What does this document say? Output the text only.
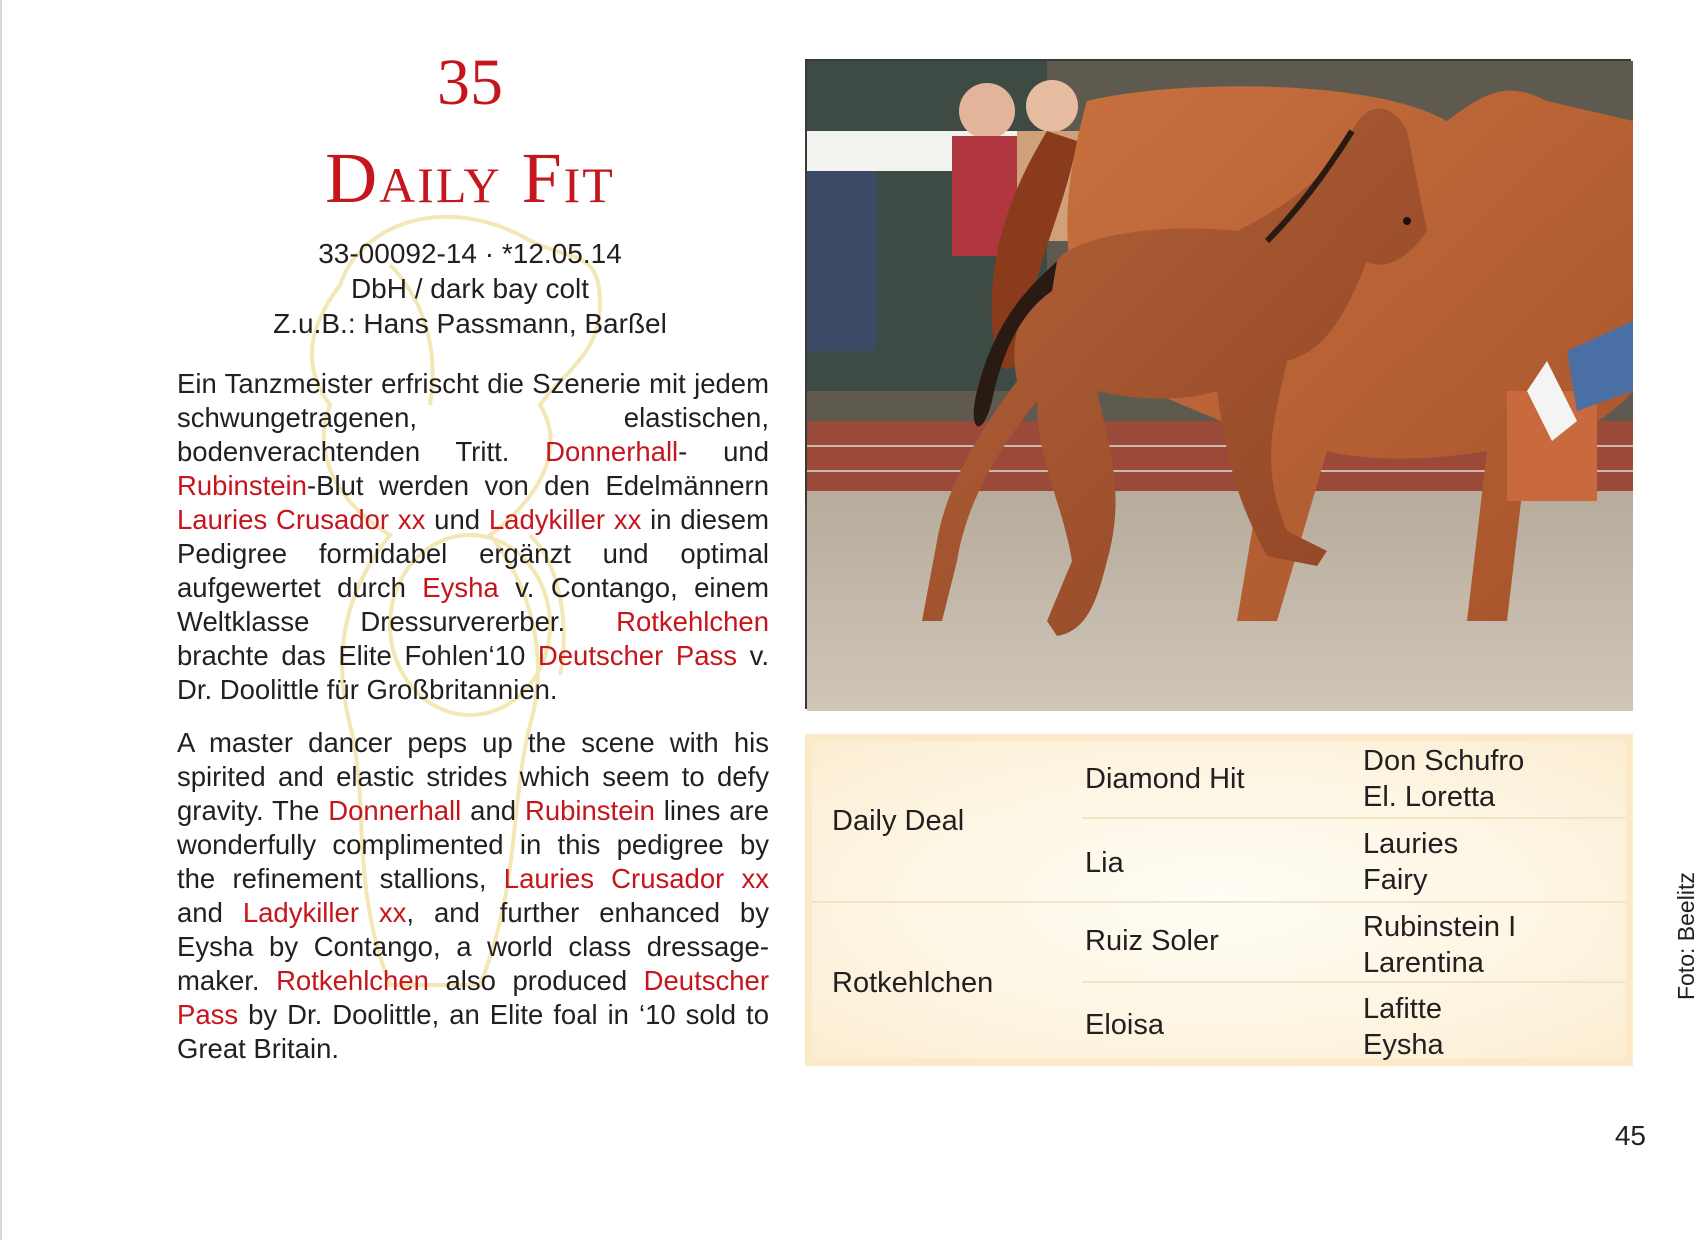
35
Daily Fit
33-00092-14 · *12.05.14
DbH / dark bay colt
Z.u.B.: Hans Passmann, Barßel
Ein Tanzmeister erfrischt die Szenerie mit jedem schwungetragenen, elastischen, bodenverachtenden Tritt. Donnerhall- und Rubinstein-Blut werden von den Edelmännern Lauries Crusador xx und Ladykiller xx in diesem Pedigree formidabel ergänzt und optimal aufgewertet durch Eysha v. Contango, einem Weltklasse Dressurvererber. Rotkehlchen brachte das Elite Fohlen‘10 Deutscher Pass v. Dr. Doolittle für Großbritannien.
A master dancer peps up the scene with his spirited and elastic strides which seem to defy gravity. The Donnerhall and Rubinstein lines are wonderfully complimented in this pedigree by the refinement stallions, Lauries Crusador xx and Ladykiller xx, and further enhanced by Eysha by Contango, a world class dressage-maker. Rotkehlchen also produced Deutscher Pass by Dr. Doolittle, an Elite foal in ‘10 sold to Great Britain.
Daily Deal
Rotkehlchen
Diamond Hit
Lia
Ruiz Soler
Eloisa
Don Schufro
El. Loretta
Lauries
Fairy
Rubinstein I
Larentina
Lafitte
Eysha
Foto: Beelitz
45
